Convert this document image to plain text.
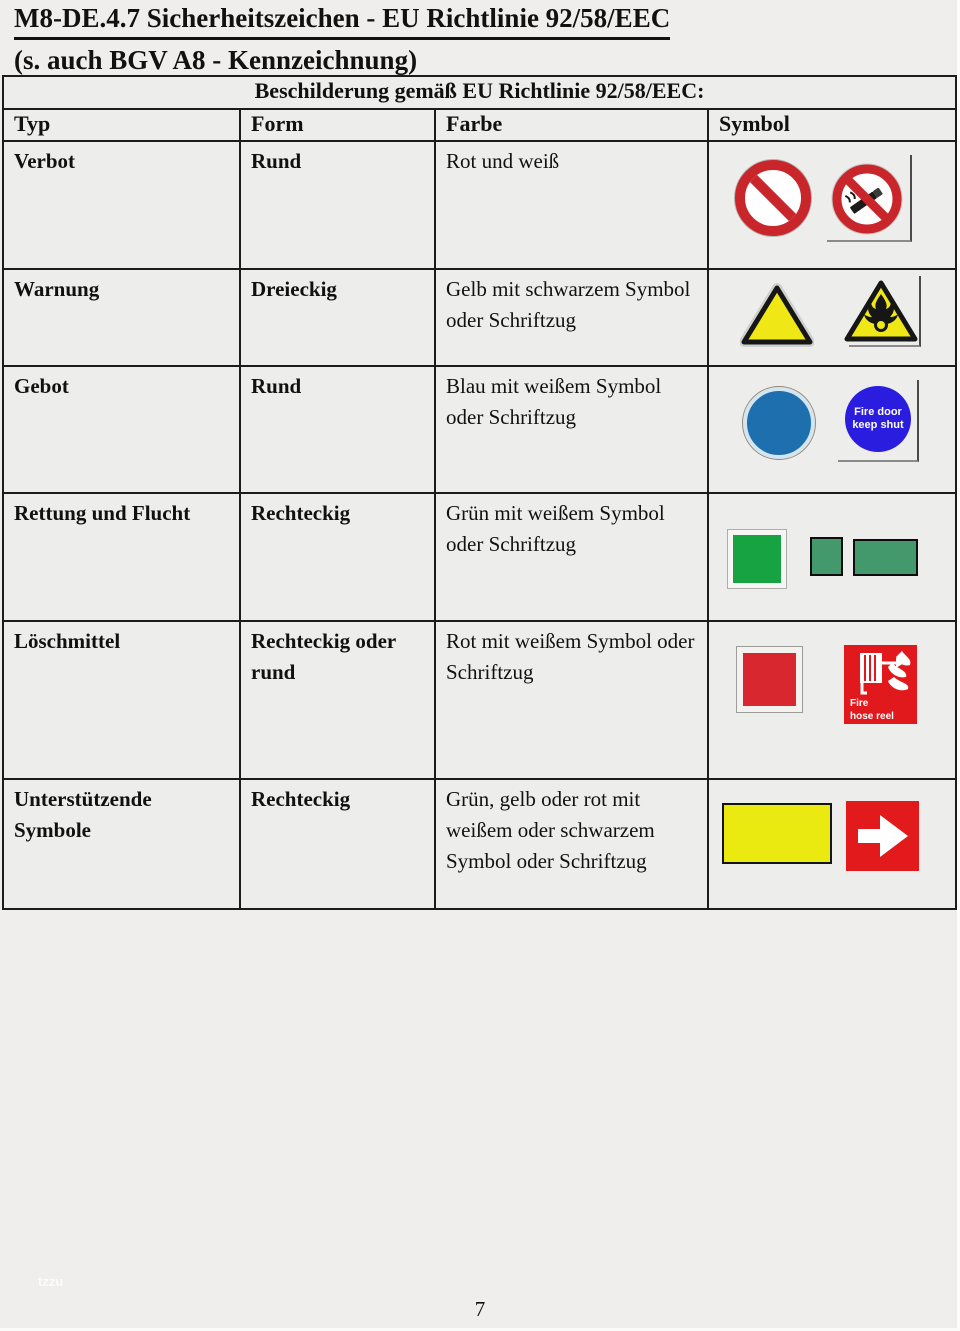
M8-DE.4.7 Sicherheitszeichen - EU Richtlinie 92/58/EEC
(s. auch BGV A8 - Kennzeichnung)
Beschilderung gemäß EU Richtlinie 92/58/EEC:			
Typ	Form	Farbe	Symbol
Verbot	Rund	Rot und weiß	

Warnung	Dreieckig	Gelb mit schwarzem Symbol oder Schriftzug	

Gebot	Rund	Blau mit weißem Symbol oder Schriftzug	Fire door
keep shut

Rettung und Flucht	Rechteckig	Grün mit weißem Symbol oder Schriftzug	

Löschmittel	Rechteckig oder rund	Rot mit weißem Symbol oder Schriftzug	Fire
hose reel

Unterstützende Symbole	Rechteckig	Grün, gelb oder rot mit weißem oder schwarzem Symbol oder Schriftzug	
tzzu
7
